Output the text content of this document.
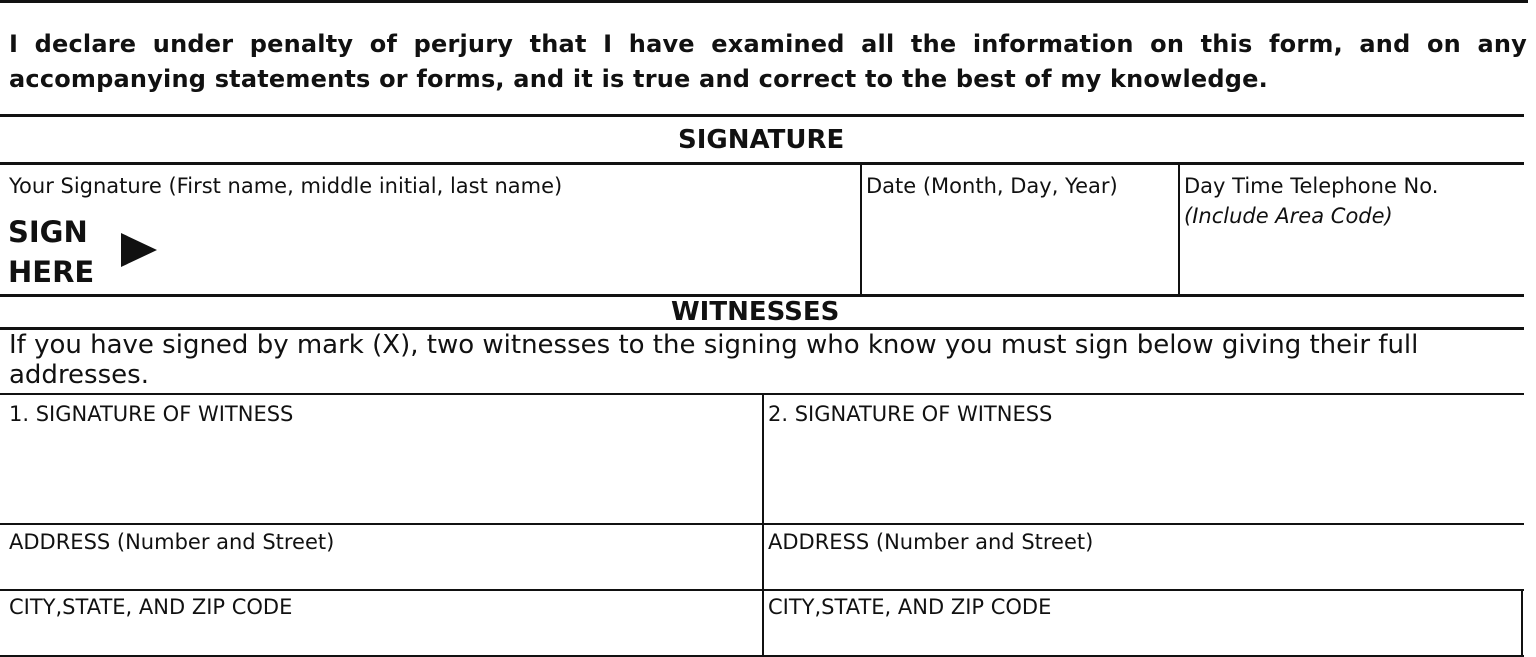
I declare under penalty of perjury that I have examined all the information on this form, and on any accompanying statements or forms, and it is true and correct to the best of my knowledge.
SIGNATURE
Your Signature (First name, middle initial, last name)
SIGN
HERE
Date (Month, Day, Year)	Day Time Telephone No.
(Include Area Code)
WITNESSES
If you have signed by mark (X), two witnesses to the signing who know you must sign below giving their full addresses.
1. SIGNATURE OF WITNESS
ADDRESS (Number and Street)
CITY,STATE, AND ZIP CODE
2. SIGNATURE OF WITNESS
ADDRESS (Number and Street)
CITY,STATE, AND ZIP CODE
